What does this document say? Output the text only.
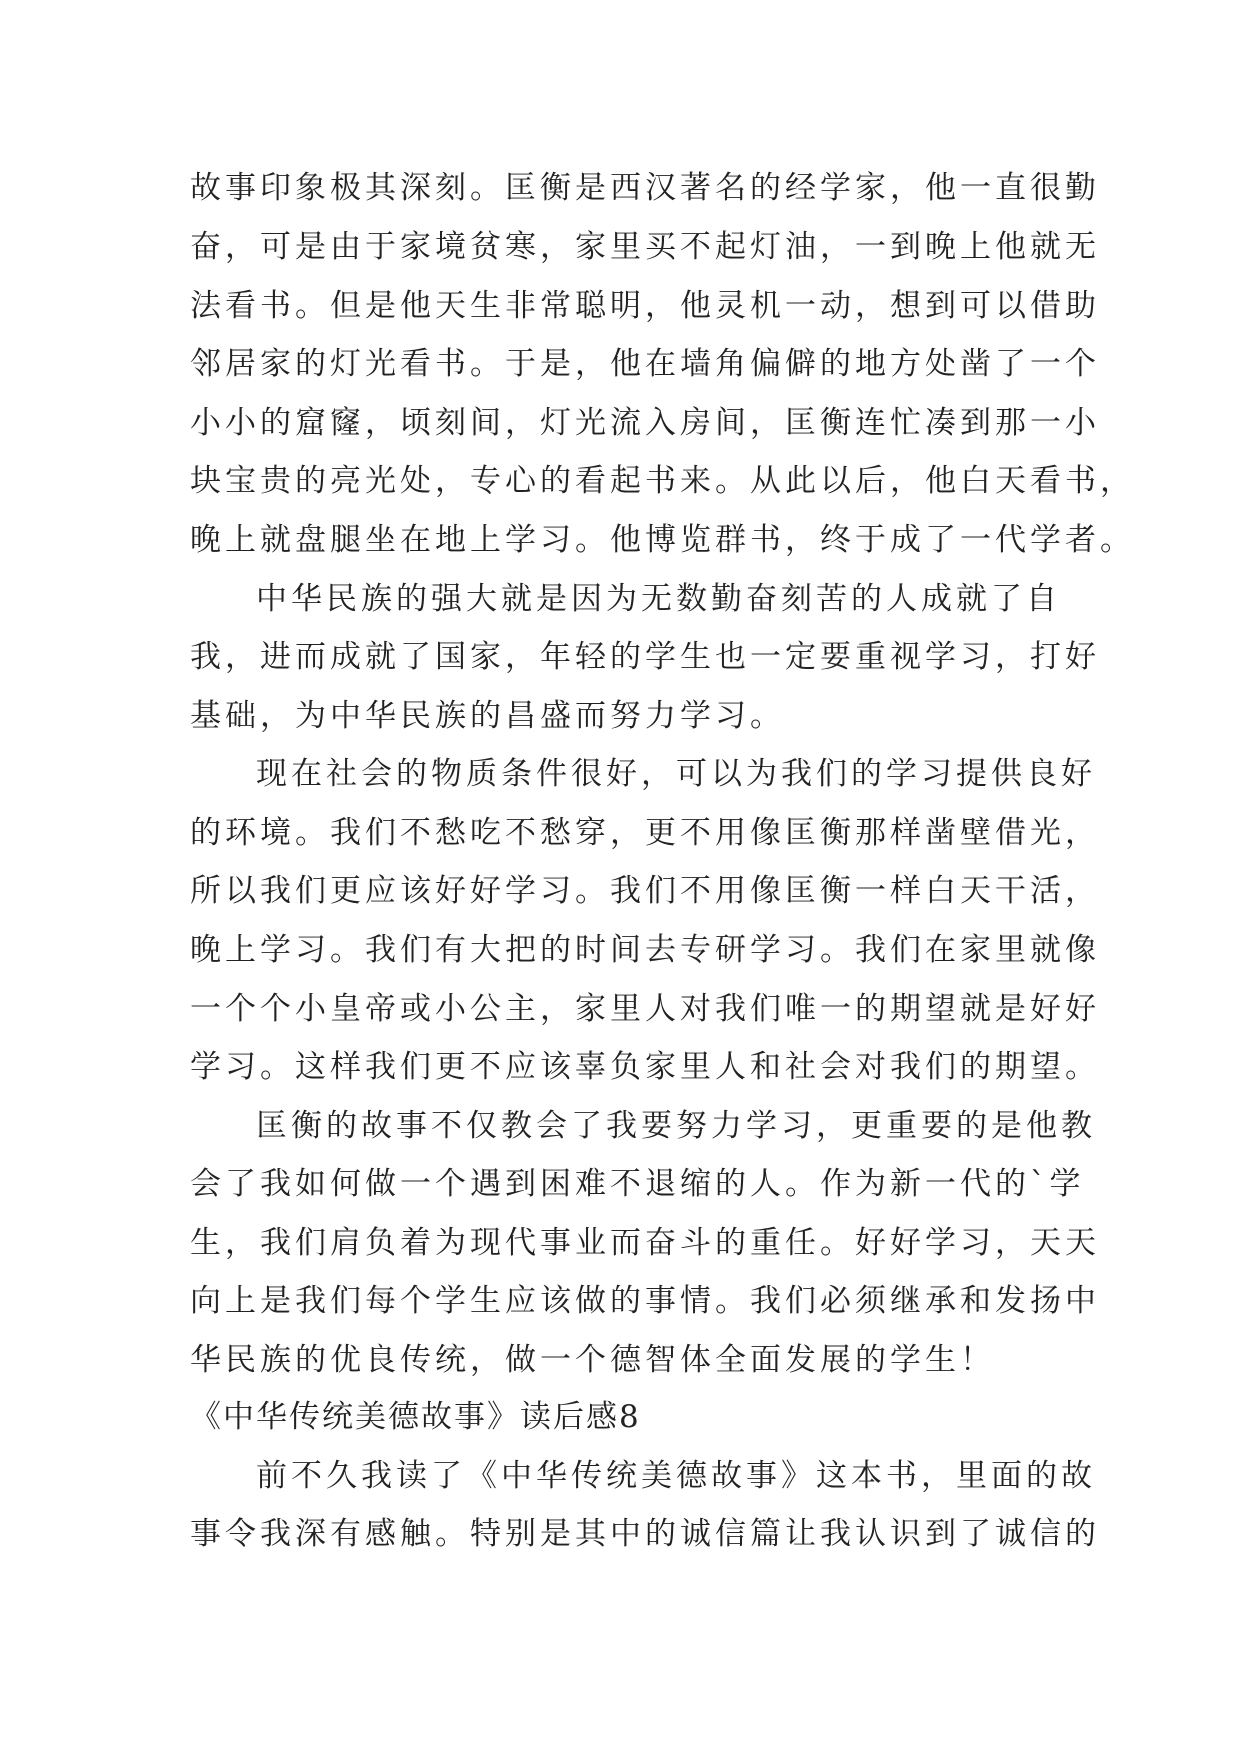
故事印象极其深刻。匡衡是西汉著名的经学家，他一直很勤
奋，可是由于家境贫寒，家里买不起灯油，一到晚上他就无
法看书。但是他天生非常聪明，他灵机一动，想到可以借助
邻居家的灯光看书。于是，他在墙角偏僻的地方处凿了一个
小小的窟窿，顷刻间，灯光流入房间，匡衡连忙凑到那一小
块宝贵的亮光处，专心的看起书来。从此以后，他白天看书，
晚上就盘腿坐在地上学习。他博览群书，终于成了一代学者。
中华民族的强大就是因为无数勤奋刻苦的人成就了自
我，进而成就了国家，年轻的学生也一定要重视学习，打好
基础，为中华民族的昌盛而努力学习。
现在社会的物质条件很好，可以为我们的学习提供良好
的环境。我们不愁吃不愁穿，更不用像匡衡那样凿壁借光，
所以我们更应该好好学习。我们不用像匡衡一样白天干活，
晚上学习。我们有大把的时间去专研学习。我们在家里就像
一个个小皇帝或小公主，家里人对我们唯一的期望就是好好
学习。这样我们更不应该辜负家里人和社会对我们的期望。
匡衡的故事不仅教会了我要努力学习，更重要的是他教
会了我如何做一个遇到困难不退缩的人。作为新一代的`学
生，我们肩负着为现代事业而奋斗的重任。好好学习，天天
向上是我们每个学生应该做的事情。我们必须继承和发扬中
华民族的优良传统，做一个德智体全面发展的学生！
《中华传统美德故事》读后感8
前不久我读了《中华传统美德故事》这本书，里面的故
事令我深有感触。特别是其中的诚信篇让我认识到了诚信的
